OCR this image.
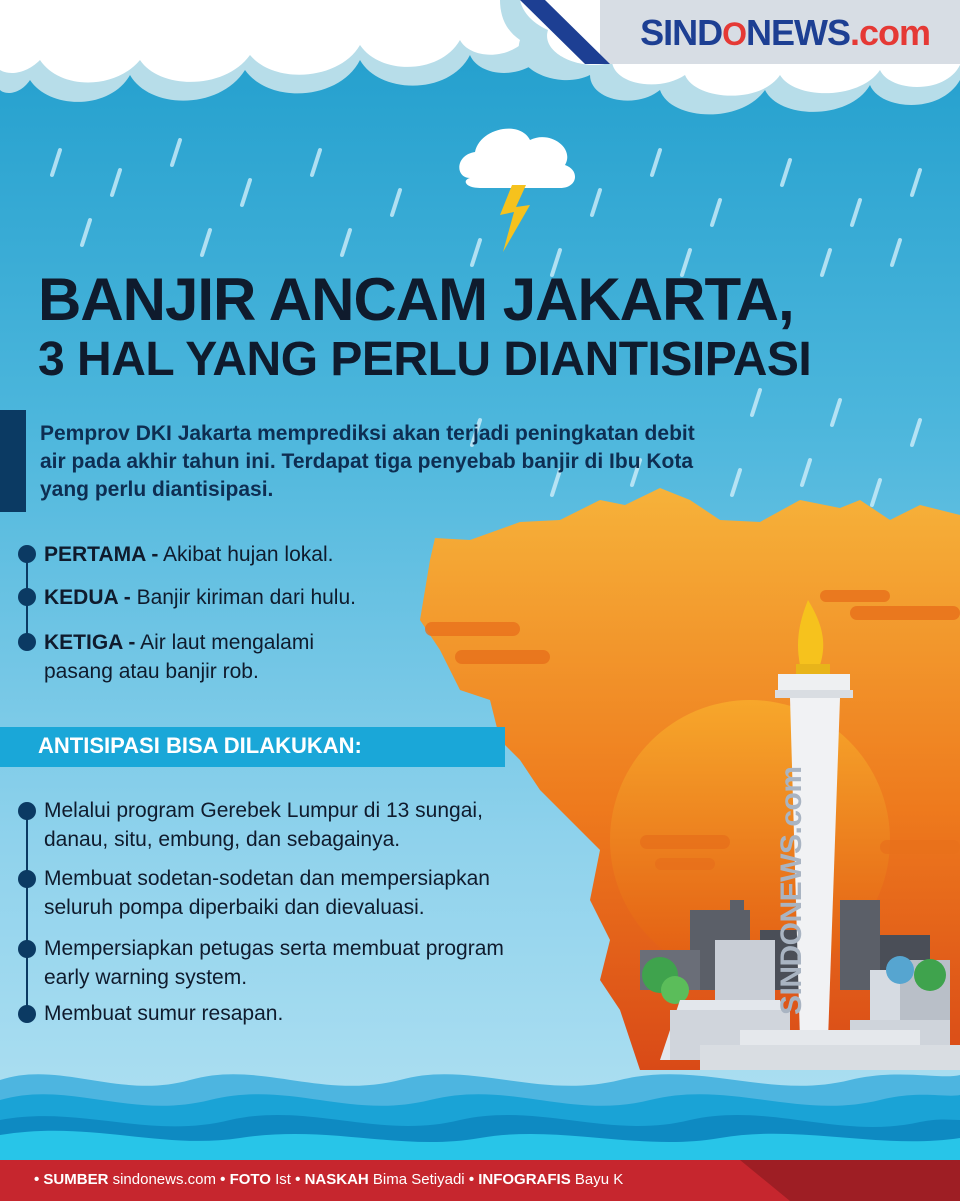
SINDONEWS.com
BANJIR ANCAM JAKARTA,
3 HAL YANG PERLU DIANTISIPASI
Pemprov DKI Jakarta memprediksi akan terjadi peningkatan debit air pada akhir tahun ini. Terdapat tiga penyebab banjir di Ibu Kota yang perlu diantisipasi.
PERTAMA - Akibat hujan lokal.
KEDUA - Banjir kiriman dari hulu.
KETIGA - Air laut mengalami pasang atau banjir rob.
ANTISIPASI BISA DILAKUKAN:
Melalui program Gerebek Lumpur di 13 sungai, danau, situ, embung, dan sebagainya.
Membuat sodetan-sodetan dan mempersiapkan seluruh pompa diperbaiki dan dievaluasi.
Mempersiapkan petugas serta membuat program early warning system.
Membuat sumur resapan.	SINDONEWS.com
• SUMBER sindonews.com • FOTO Ist • NASKAH Bima Setiyadi • INFOGRAFIS Bayu K
